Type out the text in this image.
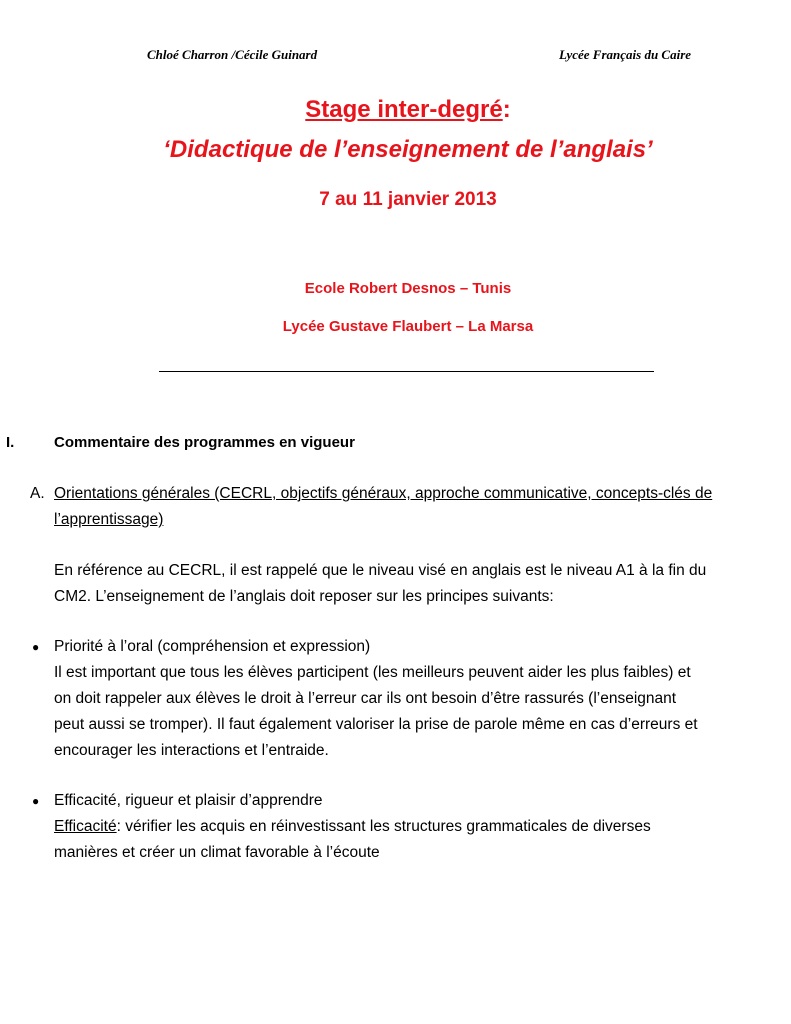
Chloé Charron /Cécile Guinard	Lycée Français du Caire
Stage inter-degré:
‘Didactique de l’enseignement de l’anglais’
7 au 11 janvier 2013
Ecole Robert Desnos – Tunis
Lycée Gustave Flaubert – La Marsa
I.	Commentaire des programmes en vigueur
A. Orientations générales (CECRL, objectifs généraux, approche communicative, concepts-clés de
l’apprentissage)
En référence au CECRL, il est rappelé que le niveau visé en anglais est le niveau A1 à la fin du
CM2. L’enseignement de l’anglais doit reposer sur les principes suivants:
● Priorité à l’oral (compréhension et expression)
Il est important que tous les élèves participent (les meilleurs peuvent aider les plus faibles) et
on doit rappeler aux élèves le droit à l’erreur car ils ont besoin d’être rassurés (l’enseignant
peut aussi se tromper). Il faut également valoriser la prise de parole même en cas d’erreurs et
encourager les interactions et l’entraide.
● Efficacité, rigueur et plaisir d’apprendre
Efficacité: vérifier les acquis en réinvestissant les structures grammaticales de diverses
manières et créer un climat favorable à l’écoute
